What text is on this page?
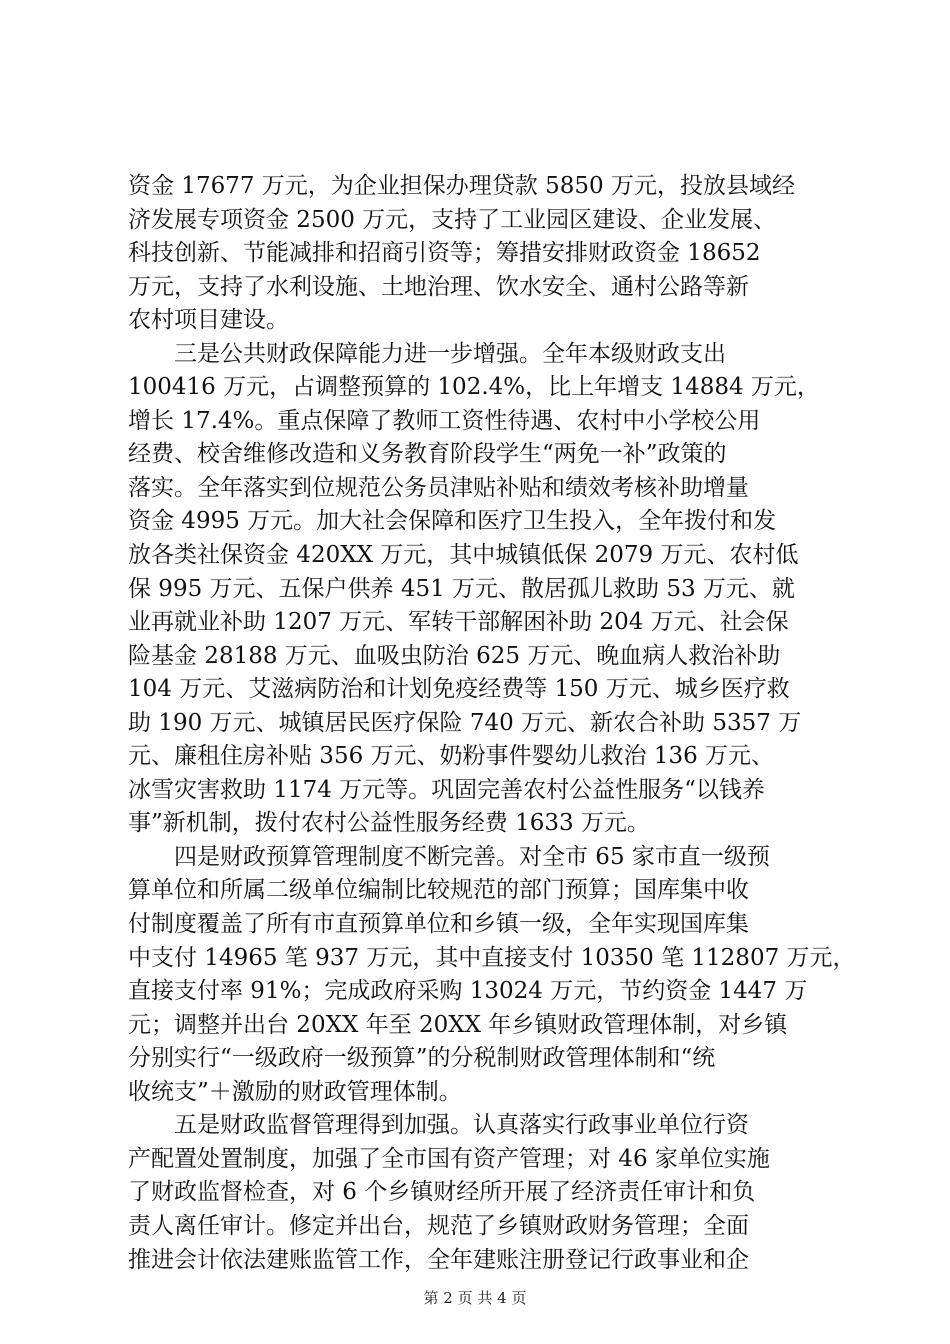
资金 17677 万元，为企业担保办理贷款 5850 万元，投放县域经
济发展专项资金 2500 万元，支持了工业园区建设、企业发展、
科技创新、节能减排和招商引资等；筹措安排财政资金 18652
万元，支持了水利设施、土地治理、饮水安全、通村公路等新
农村项目建设。
三是公共财政保障能力进一步增强。全年本级财政支出
100416 万元，占调整预算的 102.4%，比上年增支 14884 万元，
增长 17.4%。重点保障了教师工资性待遇、农村中小学校公用
经费、校舍维修改造和义务教育阶段学生“两免一补”政策的
落实。全年落实到位规范公务员津贴补贴和绩效考核补助增量
资金 4995 万元。加大社会保障和医疗卫生投入，全年拨付和发
放各类社保资金 420XX 万元，其中城镇低保 2079 万元、农村低
保 995 万元、五保户供养 451 万元、散居孤儿救助 53 万元、就
业再就业补助 1207 万元、军转干部解困补助 204 万元、社会保
险基金 28188 万元、血吸虫防治 625 万元、晚血病人救治补助
104 万元、艾滋病防治和计划免疫经费等 150 万元、城乡医疗救
助 190 万元、城镇居民医疗保险 740 万元、新农合补助 5357 万
元、廉租住房补贴 356 万元、奶粉事件婴幼儿救治 136 万元、
冰雪灾害救助 1174 万元等。巩固完善农村公益性服务“以钱养
事”新机制，拨付农村公益性服务经费 1633 万元。
四是财政预算管理制度不断完善。对全市 65 家市直一级预
算单位和所属二级单位编制比较规范的部门预算；国库集中收
付制度覆盖了所有市直预算单位和乡镇一级，全年实现国库集
中支付 14965 笔 937 万元，其中直接支付 10350 笔 112807 万元，
直接支付率 91%；完成政府采购 13024 万元，节约资金 1447 万
元；调整并出台 20XX 年至 20XX 年乡镇财政管理体制，对乡镇
分别实行“一级政府一级预算”的分税制财政管理体制和“统
收统支”＋激励的财政管理体制。
五是财政监督管理得到加强。认真落实行政事业单位行资
产配置处置制度，加强了全市国有资产管理；对 46 家单位实施
了财政监督检查，对 6 个乡镇财经所开展了经济责任审计和负
责人离任审计。修定并出台，规范了乡镇财政财务管理；全面
推进会计依法建账监管工作，全年建账注册登记行政事业和企
第 2 页 共 4 页
